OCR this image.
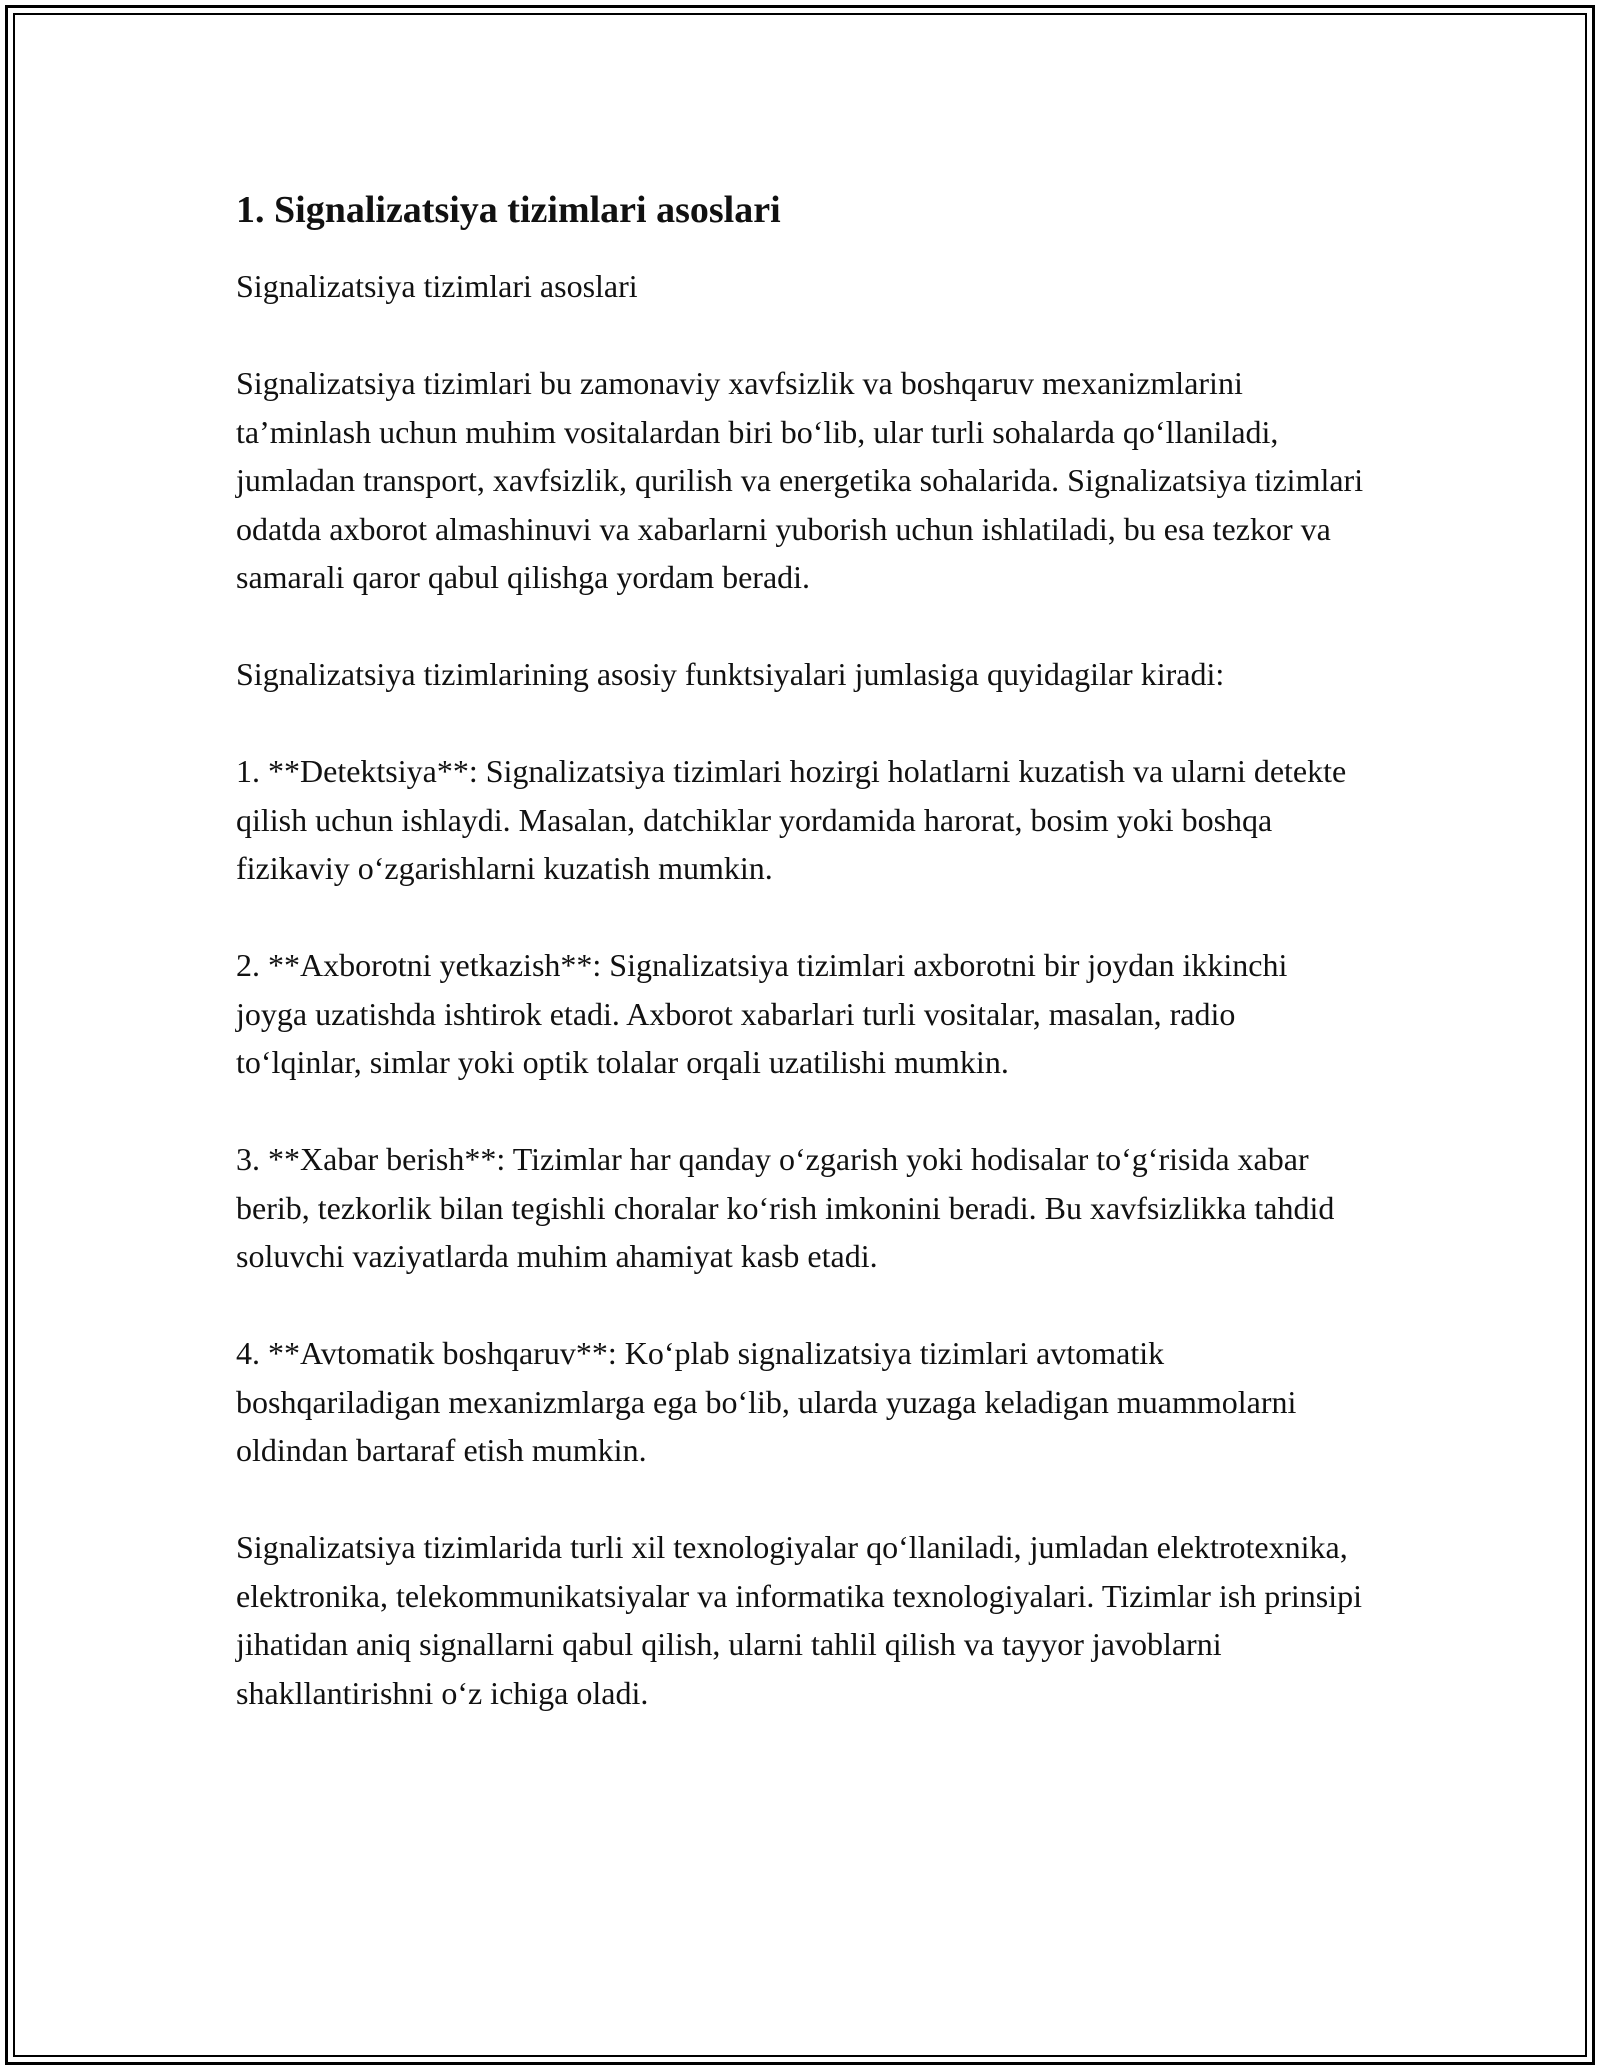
1. Signalizatsiya tizimlari asoslari

Signalizatsiya tizimlari asoslari

Signalizatsiya tizimlari bu zamonaviy xavfsizlik va boshqaruv mexanizmlarini ta’minlash uchun muhim vositalardan biri bo‘lib, ular turli sohalarda qo‘llaniladi, jumladan transport, xavfsizlik, qurilish va energetika sohalarida. Signalizatsiya tizimlari odatda axborot almashinuvi va xabarlarni yuborish uchun ishlatiladi, bu esa tezkor va samarali qaror qabul qilishga yordam beradi.

Signalizatsiya tizimlarining asosiy funktsiyalari jumlasiga quyidagilar kiradi:

1. **Detektsiya**: Signalizatsiya tizimlari hozirgi holatlarni kuzatish va ularni detekte qilish uchun ishlaydi. Masalan, datchiklar yordamida harorat, bosim yoki boshqa fizikaviy o‘zgarishlarni kuzatish mumkin.

2. **Axborotni yetkazish**: Signalizatsiya tizimlari axborotni bir joydan ikkinchi joyga uzatishda ishtirok etadi. Axborot xabarlari turli vositalar, masalan, radio to‘lqinlar, simlar yoki optik tolalar orqali uzatilishi mumkin.

3. **Xabar berish**: Tizimlar har qanday o‘zgarish yoki hodisalar to‘g‘risida xabar berib, tezkorlik bilan tegishli choralar ko‘rish imkonini beradi. Bu xavfsizlikka tahdid soluvchi vaziyatlarda muhim ahamiyat kasb etadi.

4. **Avtomatik boshqaruv**: Ko‘plab signalizatsiya tizimlari avtomatik boshqariladigan mexanizmlarga ega bo‘lib, ularda yuzaga keladigan muammolarni oldindan bartaraf etish mumkin.

Signalizatsiya tizimlarida turli xil texnologiyalar qo‘llaniladi, jumladan elektrotexnika, elektronika, telekommunikatsiyalar va informatika texnologiyalari. Tizimlar ish prinsipi jihatidan aniq signallarni qabul qilish, ularni tahlil qilish va tayyor javoblarni shakllantirishni o‘z ichiga oladi.
